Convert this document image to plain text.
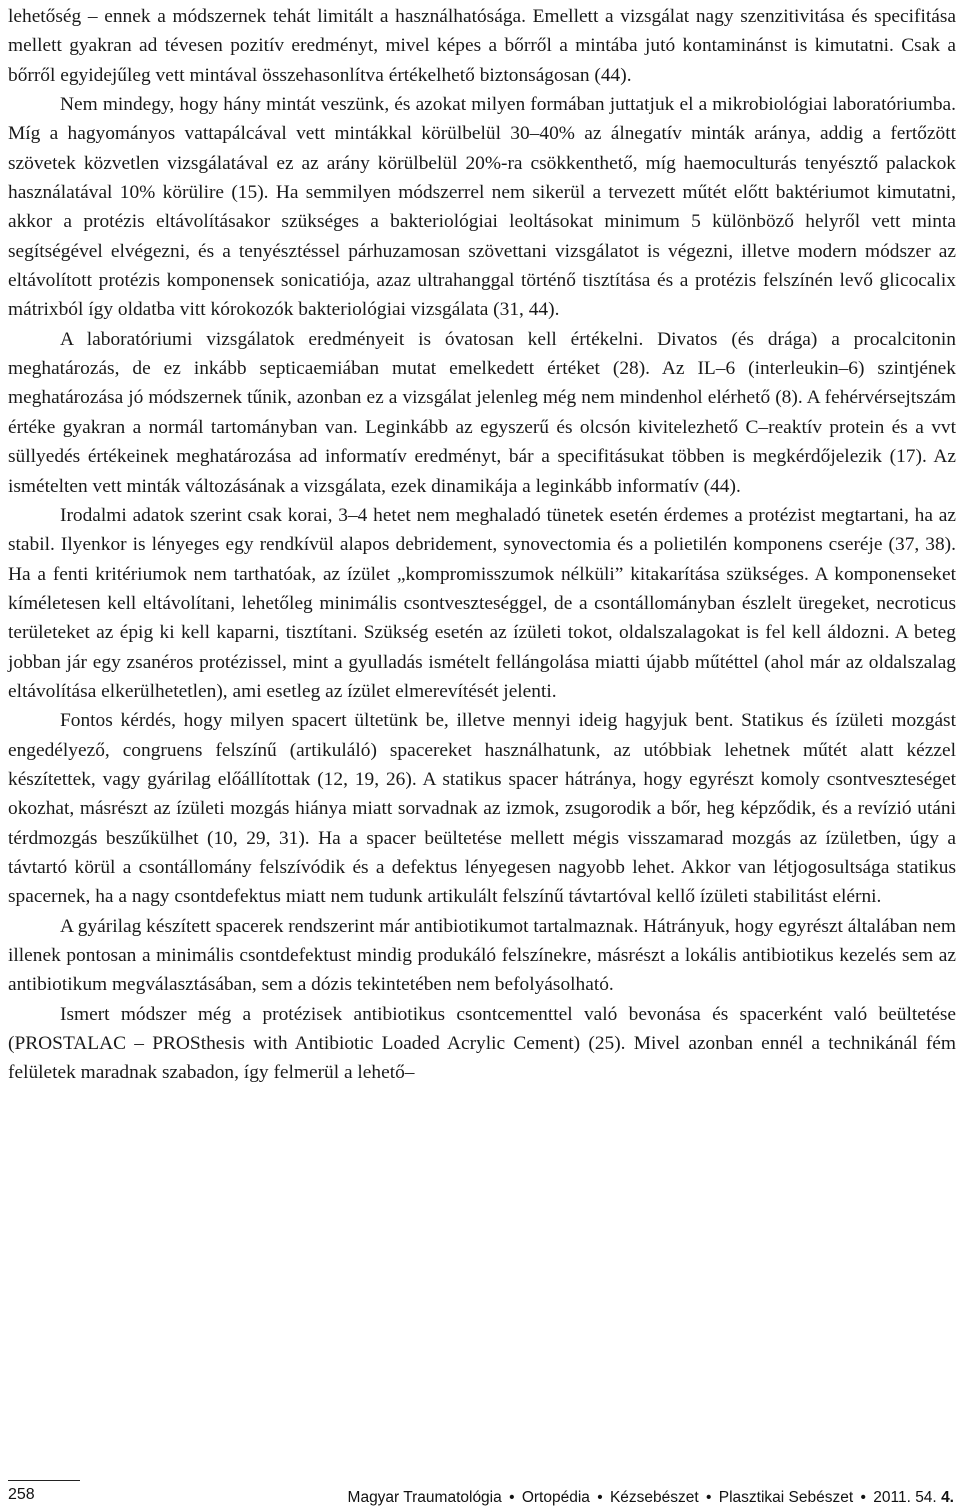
lehetőség – ennek a módszernek tehát limitált a használhatósága. Emellett a vizsgálat nagy szenzitivitása és specifitása mellett gyakran ad tévesen pozitív eredményt, mivel képes a bőrről a mintába jutó kontaminánst is kimutatni. Csak a bőrről egyidejűleg vett mintával összehasonlítva értékelhető biztonságosan (44).

Nem mindegy, hogy hány mintát veszünk, és azokat milyen formában juttatjuk el a mikrobiológiai laboratóriumba. Míg a hagyományos vattapálcával vett mintákkal körülbelül 30–40% az álnegatív minták aránya, addig a fertőzött szövetek közvetlen vizsgálatával ez az arány körülbelül 20%-ra csökkenthető, míg haemoculturás tenyésztő palackok használatával 10% körülire (15). Ha semmilyen módszerrel nem sikerül a tervezett műtét előtt baktériumot kimutatni, akkor a protézis eltávolításakor szükséges a bakteriológiai leoltásokat minimum 5 különböző helyről vett minta segítségével elvégezni, és a tenyésztéssel párhuzamosan szövettani vizsgálatot is végezni, illetve modern módszer az eltávolított protézis komponensek sonicatiója, azaz ultrahanggal történő tisztítása és a protézis felszínén levő glicocalix mátrixból így oldatba vitt kórokozók bakteriológiai vizsgálata (31, 44).

A laboratóriumi vizsgálatok eredményeit is óvatosan kell értékelni. Divatos (és drága) a procalcitonin meghatározás, de ez inkább septicaemiában mutat emelkedett értéket (28). Az IL–6 (interleukin–6) szintjének meghatározása jó módszernek tűnik, azonban ez a vizsgálat jelenleg még nem mindenhol elérhető (8). A fehérvérsejtszám értéke gyakran a normál tartományban van. Leginkább az egyszerű és olcsón kivitelezhető C–reaktív protein és a vvt süllyedés értékeinek meghatározása ad informatív eredményt, bár a specifitásukat többen is megkérdőjelezik (17). Az ismételten vett minták változásának a vizsgálata, ezek dinamikája a leginkább informatív (44).

Irodalmi adatok szerint csak korai, 3–4 hetet nem meghaladó tünetek esetén érdemes a protézist megtartani, ha az stabil. Ilyenkor is lényeges egy rendkívül alapos debridement, synovectomia és a polietilén komponens cseréje (37, 38). Ha a fenti kritériumok nem tarthatóak, az ízület „kompromisszumok nélküli” kitakarítása szükséges. A komponenseket kíméletesen kell eltávolítani, lehetőleg minimális csontveszteséggel, de a csontállományban észlelt üregeket, necroticus területeket az épig ki kell kaparni, tisztítani. Szükség esetén az ízületi tokot, oldalszalagokat is fel kell áldozni. A beteg jobban jár egy zsanéros protézissel, mint a gyulladás ismételt fellángolása miatti újabb műtéttel (ahol már az oldalszalag eltávolítása elkerülhetetlen), ami esetleg az ízület elmerevítését jelenti.

Fontos kérdés, hogy milyen spacert ültetünk be, illetve mennyi ideig hagyjuk bent. Statikus és ízületi mozgást engedélyező, congruens felszínű (artikuláló) spacereket használhatunk, az utóbbiak lehetnek műtét alatt kézzel készítettek, vagy gyárilag előállítottak (12, 19, 26). A statikus spacer hátránya, hogy egyrészt komoly csontveszteséget okozhat, másrészt az ízületi mozgás hiánya miatt sorvadnak az izmok, zsugorodik a bőr, heg képződik, és a revízió utáni térdmozgás beszűkülhet (10, 29, 31). Ha a spacer beültetése mellett mégis visszamarad mozgás az ízületben, úgy a távtartó körül a csontállomány felszívódik és a defektus lényegesen nagyobb lehet. Akkor van létjogosultsága statikus spacernek, ha a nagy csontdefektus miatt nem tudunk artikulált felszínű távtartóval kellő ízületi stabilitást elérni.

A gyárilag készített spacerek rendszerint már antibiotikumot tartalmaznak. Hátrányuk, hogy egyrészt általában nem illenek pontosan a minimális csontdefektust mindig produkáló felszínekre, másrészt a lokális antibiotikus kezelés sem az antibiotikum megválasztásában, sem a dózis tekintetében nem befolyásolható.

Ismert módszer még a protézisek antibiotikus csontcementtel való bevonása és spacerként való beültetése (PROSTALAC – PROSthesis with Antibiotic Loaded Acrylic Cement) (25). Mivel azonban ennél a technikánál fém felületek maradnak szabadon, így felmerül a lehető–

258	Magyar Traumatológia • Ortopédia • Kézsebészet • Plasztikai Sebészet • 2011. 54. 4.
